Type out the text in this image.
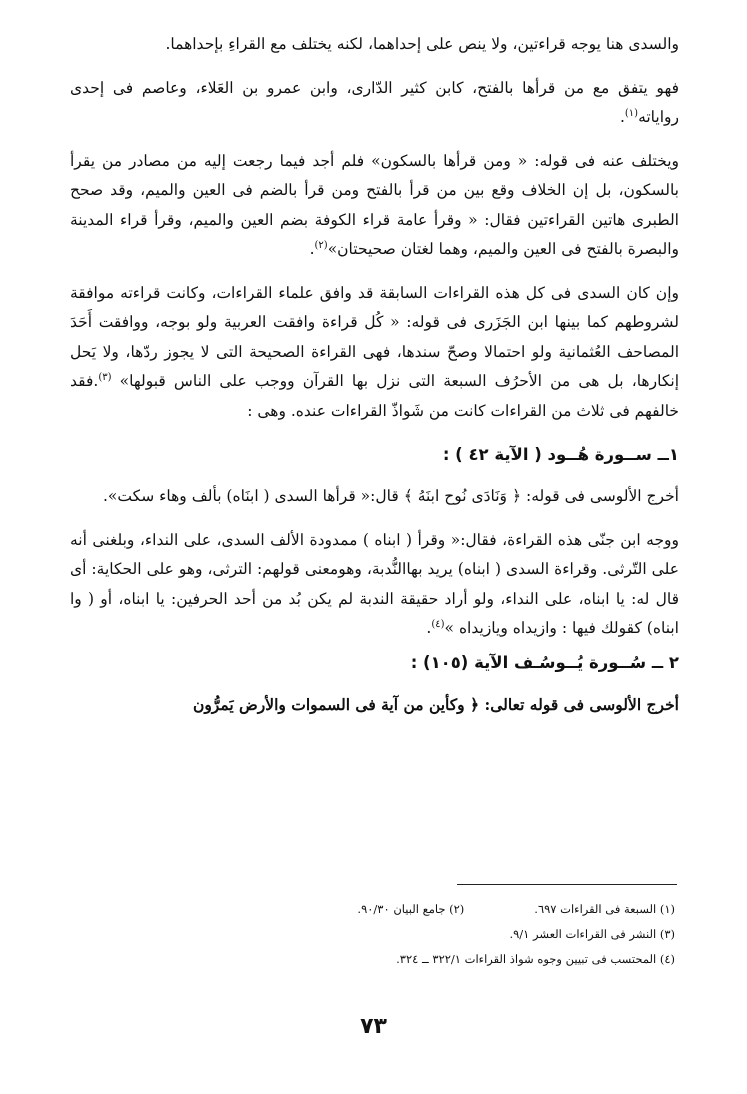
والسدى هنا يوجه قراءتين، ولا ينص على إحداهما، لكنه يختلف مع القراءِ بإحداهما.

فهو يتفق مع من قرأها بالفتح، كابن كثير الدّارى، وابن عمرو بن العَلاء، وعاصم فى إحدى رواياته$^{(١)}$.

ويختلف عنه فى قوله: « ومن قرأها بالسكون» فلم أجد فيما رجعت إليه من مصادر من يقرأ بالسكون، بل إن الخلاف وقع بين من قرأ بالفتح ومن قرأ بالضم فى العين والميم، وقد صحح الطبرى هاتين القراءتين فقال: « وقرأ عامة قراء الكوفة بضم العين والميم، وقرأ قراء المدينة والبصرة بالفتح فى العين والميم، وهما لغتان صحيحتان»$^{(٢)}$.

وإن كان السدى فى كل هذه القراءات السابقة قد وافق علماء القراءات، وكانت قراءته موافقة لشروطهم كما بينها ابن الجَزَرى فى قوله: « كُل قراءة وافقت العربية ولو بوجه، ووافقت أَحَدَ المصاحف العُثمانية ولو احتمالا وصحّ سندها، فهى القراءة الصحيحة التى لا يجوز ردّها، ولا يَحل إنكارها، بل هى من الأحرُف السبعة التى نزل بها القرآن ووجب على الناس قبولها» $^{(٣)}$.فقد خالفهم فى ثلاث من القراءات كانت من شَواذّ القراءات عنده. وهى :

١ــ ســورة هُــود ( الآية ٤٢ ) :

أخرج الألوسى فى قوله: ﴿ وَنَادَى نُوح ابنَهُ ﴾ قال:« قرأها السدى ( ابنَاه) بألف وهاء سكت».

ووجه ابن جنّى هذه القراءة، فقال:« وقرأ ( ابناه ) ممدودة الألف السدى، على النداء، وبلغنى أنه على التّرثى. وقراءة السدى ( ابناه) يريد بهاالنُّدبة، وهومعنى قولهم: الترثى، وهو على الحكاية: أى قال له: يا ابناه، على النداء، ولو أراد حقيقة الندبة لم يكن بُد من أحد الحرفين: يا ابناه، أو ( وا ابناه) كقولك فيها : وازيداه ويازيداه »$^{(٤)}$.

٢ ــ سُــورة يُــوسُـف الآية (١٠٥) :

أخرج الألوسى فى قوله تعالى: ﴿ وكأين من آية فى السموات والأرض يَمرُّون

(١) السبعة فى القراءات ٦٩٧.
(٢) جامع البيان ٩٠/٣٠.
(٣) النشر فى القراءات العشر ٩/١.
(٤) المحتسب فى تبيين وجوه شواذ القراءات ٣٢٢/١ ــ ٣٢٤.
٧٣
